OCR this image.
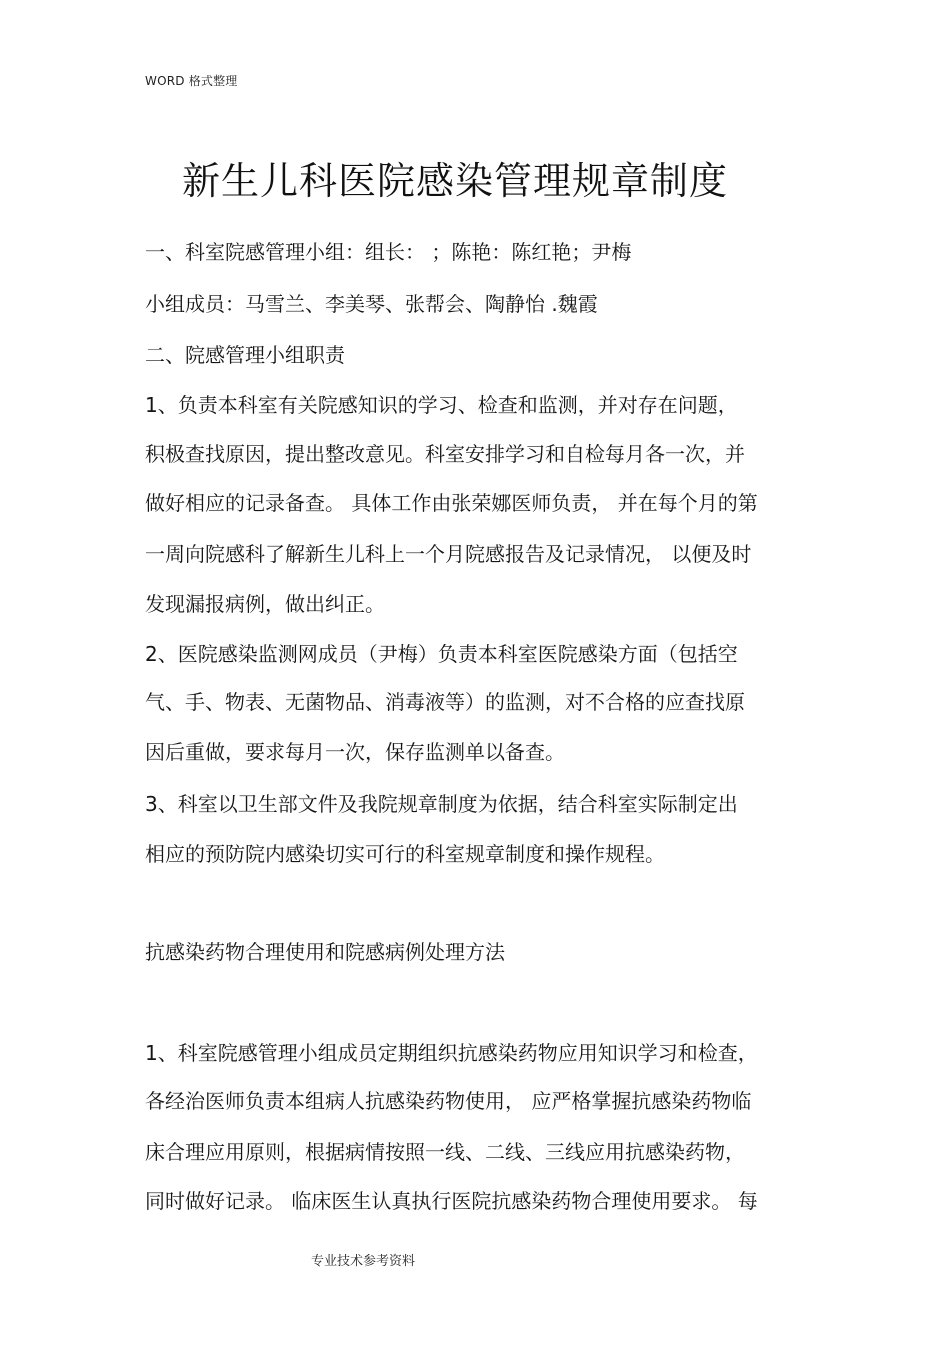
WORD 格式整理
新生儿科医院感染管理规章制度
一、科室院感管理小组：组长： ；陈艳：陈红艳；尹梅
小组成员：马雪兰、李美琴、张帮会、陶静怡 .魏霞
二、院感管理小组职责
1、负责本科室有关院感知识的学习、检查和监测，并对存在问题，
积极查找原因，提出整改意见。科室安排学习和自检每月各一次，并
做好相应的记录备查。 具体工作由张荣娜医师负责， 并在每个月的第
一周向院感科了解新生儿科上一个月院感报告及记录情况， 以便及时
发现漏报病例，做出纠正。
2、医院感染监测网成员（尹梅）负责本科室医院感染方面（包括空
气、手、物表、无菌物品、消毒液等）的监测，对不合格的应查找原
因后重做，要求每月一次，保存监测单以备查。
3、科室以卫生部文件及我院规章制度为依据，结合科室实际制定出
相应的预防院内感染切实可行的科室规章制度和操作规程。
抗感染药物合理使用和院感病例处理方法
1、科室院感管理小组成员定期组织抗感染药物应用知识学习和检查，
各经治医师负责本组病人抗感染药物使用， 应严格掌握抗感染药物临
床合理应用原则，根据病情按照一线、二线、三线应用抗感染药物，
同时做好记录。 临床医生认真执行医院抗感染药物合理使用要求。 每
专业技术参考资料
